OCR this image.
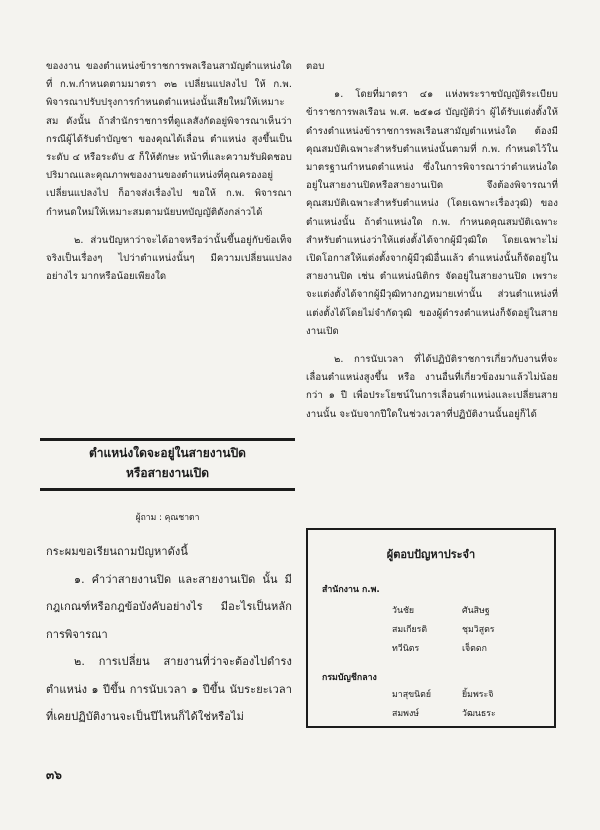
ของงาน ของตำแหน่งข้าราชการพลเรือนสามัญตำแหน่งใด ที่ ก.พ.กำหนดตามมาตรา ๓๒ เปลี่ยนแปลงไป ให้ ก.พ. พิจารณาปรับปรุงการกำหนดตำแหน่งนั้นเสียใหม่ให้เหมาะสม ดังนั้น ถ้าสำนักราชการที่ดูแลสังกัดอยู่พิจารณาเห็นว่ากรณีผู้ได้รับตำบัญชา ของคุณได้เลื่อน ตำแหน่ง สูงขึ้นเป็นระดับ ๔ หรือระดับ ๕ ก็ให้ตักษะ หน้าที่และความรับผิดชอบ ปริมาณและคุณภาพของงานของตำแหน่งที่คุณครองอยู่เปลี่ยนแปลงไป ก็อาจส่งเรื่องไป ขอให้ ก.พ. พิจารณากำหนดใหม่ให้เหมาะสมตามนัยบทบัญญัติดังกล่าวได้

๒. ส่วนปัญหาว่าจะได้อาจหรือว่านั้นขึ้นอยู่กับข้อเท็จจริงเป็นเรื่องๆ ไปว่าตำแหน่งนั้นๆ มีความเปลี่ยนแปลงอย่างไร มากหรือน้อยเพียงใด

ตำแหน่งใดจะอยู่ในสายงานปิด

หรือสายงานเปิด

ผู้ถาม : คุณชาดา

กระผมขอเรียนถามปัญหาดังนี้

๑. คำว่าสายงานปิด และสายงานเปิด นั้น มีกฎเกณฑ์หรือกฎข้อบังคับอย่างไร มีอะไรเป็นหลักการพิจารณา

๒. การเปลี่ยน สายงานที่ว่าจะต้องไปดำรงตำแหน่ง ๑ ปีขึ้น การนับเวลา ๑ ปีขึ้น นับระยะเวลาที่เคยปฏิบัติงานจะเป็นปีไหนก็ได้ใช่หรือไม่

๓๖

ตอบ

๑. โดยที่มาตรา ๔๑ แห่งพระราชบัญญัติระเบียบข้าราชการพลเรือน พ.ศ. ๒๕๑๘ บัญญัติว่า ผู้ได้รับแต่งตั้งให้ดำรงตำแหน่งข้าราชการพลเรือนสามัญตำแหน่งใด ต้องมีคุณสมบัติเฉพาะสำหรับตำแหน่งนั้นตามที่ ก.พ. กำหนดไว้ในมาตรฐานกำหนดตำแหน่ง ซึ่งในการพิจารณาว่าตำแหน่งใดอยู่ในสายงานปิดหรือสายงานเปิด จึงต้องพิจารณาที่คุณสมบัติเฉพาะสำหรับตำแหน่ง (โดยเฉพาะเรื่องวุฒิ) ของตำแหน่งนั้น ถ้าตำแหน่งใด ก.พ. กำหนดคุณสมบัติเฉพาะสำหรับตำแหน่งว่าให้แต่งตั้งได้จากผู้มีวุฒิใด โดยเฉพาะไม่เปิดโอกาสให้แต่งตั้งจากผู้มีวุฒิอื่นแล้ว ตำแหน่งนั้นก็จัดอยู่ในสายงานปิด เช่น ตำแหน่งนิติกร จัดอยู่ในสายงานปิด เพราะจะแต่งตั้งได้จากผู้มีวุฒิทางกฎหมายเท่านั้น ส่วนตำแหน่งที่แต่งตั้งได้โดยไม่จำกัดวุฒิ ของผู้ดำรงตำแหน่งก็จัดอยู่ในสายงานเปิด

๒. การนับเวลา ที่ได้ปฏิบัติราชการเกี่ยวกับงานที่จะเลื่อนตำแหน่งสูงขึ้น หรือ งานอื่นที่เกี่ยวข้องมาแล้วไม่น้อยกว่า ๑ ปี เพื่อประโยชน์ในการเลื่อนตำแหน่งและเปลี่ยนสายงานนั้น จะนับจากปีใดในช่วงเวลาที่ปฏิบัติงานนั้นอยู่ก็ได้

ผู้ตอบปัญหาประจำ
สำนักงาน ก.พ.
วันชัย	ศันสิษฐ
สมเกียรติ	ชุมวิสูตร
ทวีนิตร	เจ็ตดก
กรมบัญชีกลาง
มาสุขนิตย์	ยิ้มพระจิ
สมพงษ์	วัฒนธระ
